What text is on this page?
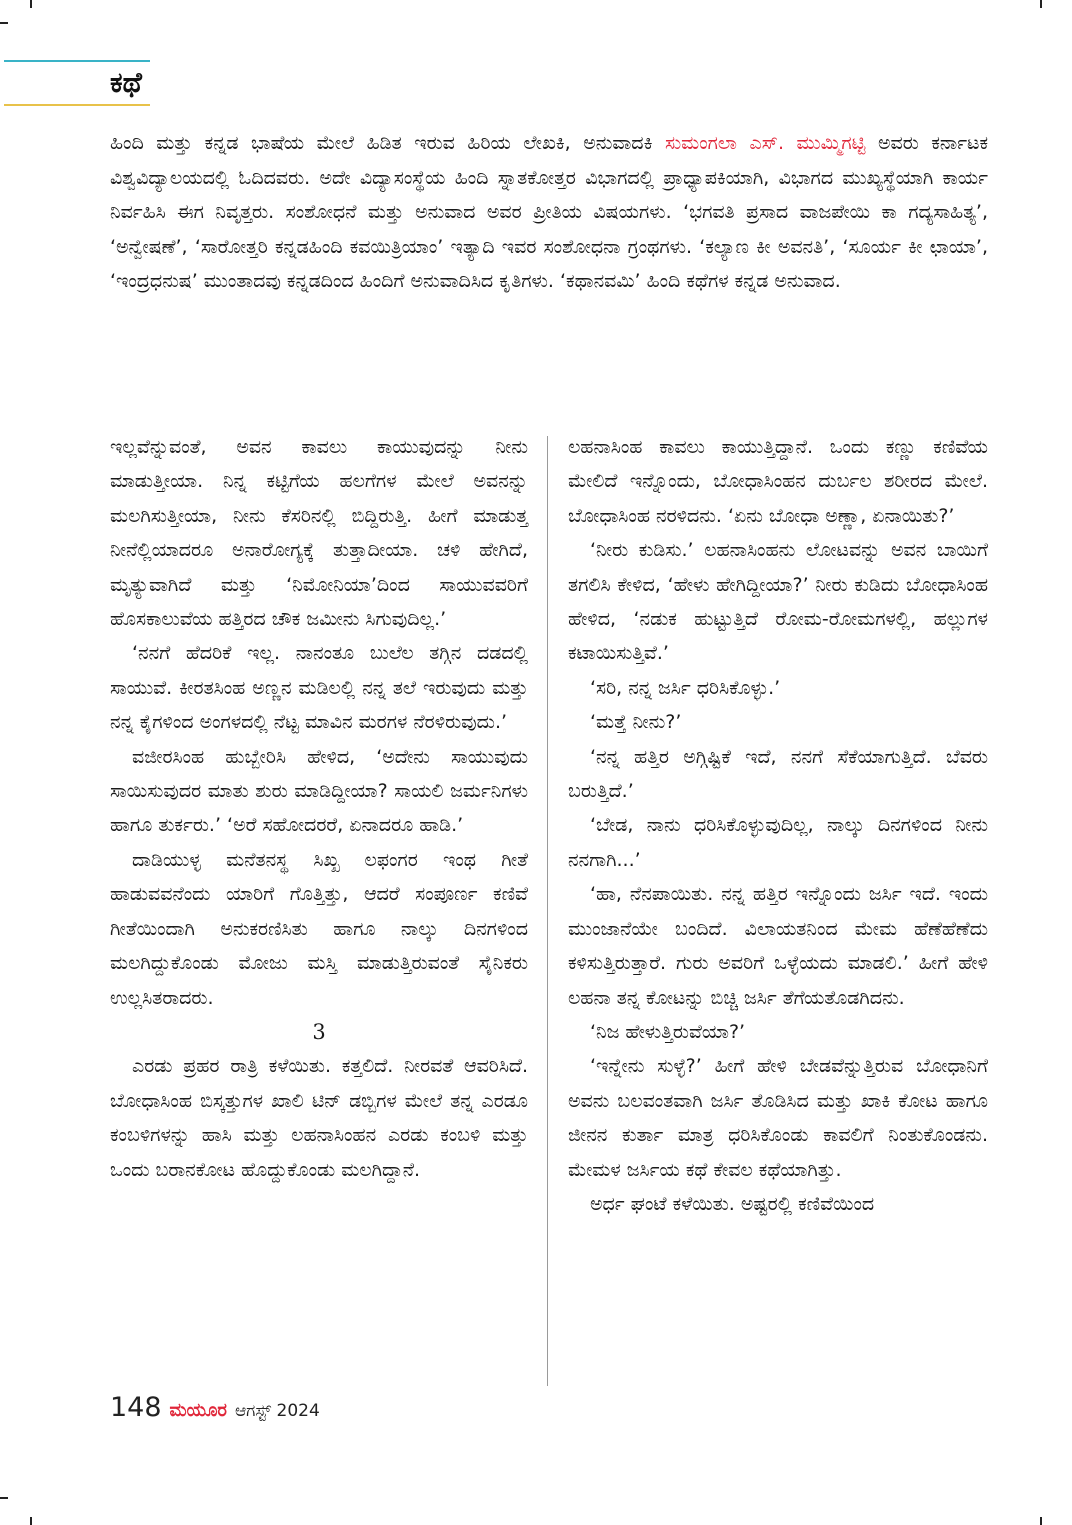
ಕಥೆ

ಹಿಂದಿ ಮತ್ತು ಕನ್ನಡ ಭಾಷೆಯ ಮೇಲೆ ಹಿಡಿತ ಇರುವ ಹಿರಿಯ ಲೇಖಕಿ, ಅನುವಾದಕಿ ಸುಮಂಗಲಾ ಎಸ್. ಮುಮ್ಮಿಗಟ್ಟಿ ಅವರು ಕರ್ನಾಟಕ ವಿಶ್ವವಿದ್ಯಾಲಯದಲ್ಲಿ ಓದಿದವರು. ಅದೇ ವಿದ್ಯಾಸಂಸ್ಥೆಯ ಹಿಂದಿ ಸ್ನಾತಕೋತ್ತರ ವಿಭಾಗದಲ್ಲಿ ಪ್ರಾಧ್ಯಾಪಕಿಯಾಗಿ, ವಿಭಾಗದ ಮುಖ್ಯಸ್ಥೆಯಾಗಿ ಕಾರ್ಯ ನಿರ್ವಹಿಸಿ ಈಗ ನಿವೃತ್ತರು. ಸಂಶೋಧನೆ ಮತ್ತು ಅನುವಾದ ಅವರ ಪ್ರೀತಿಯ ವಿಷಯಗಳು. ‘ಭಗವತಿ ಪ್ರಸಾದ ವಾಜಪೇಯಿ ಕಾ ಗದ್ಯಸಾಹಿತ್ಯ’, ‘ಅನ್ವೇಷಣೆ’, ‘ಸಾರೋತ್ತರಿ ಕನ್ನಡಹಿಂದಿ ಕವಯಿತ್ರಿಯಾಂ’ ಇತ್ಯಾದಿ ಇವರ ಸಂಶೋಧನಾ ಗ್ರಂಥಗಳು. ‘ಕಲ್ಯಾಣ ಕೀ ಅವನತಿ’, ‘ಸೂರ್ಯ ಕೀ ಛಾಯಾ’, ‘ಇಂದ್ರಧನುಷ’ ಮುಂತಾದವು ಕನ್ನಡದಿಂದ ಹಿಂದಿಗೆ ಅನುವಾದಿಸಿದ ಕೃತಿಗಳು. ‘ಕಥಾನವಮಿ’ ಹಿಂದಿ ಕಥೆಗಳ ಕನ್ನಡ ಅನುವಾದ.

ಇಲ್ಲವೆನ್ನುವಂತೆ, ಅವನ ಕಾವಲು ಕಾಯುವುದನ್ನು ನೀನು ಮಾಡುತ್ತೀಯಾ. ನಿನ್ನ ಕಟ್ಟಿಗೆಯ ಹಲಗೆಗಳ ಮೇಲೆ ಅವನನ್ನು ಮಲಗಿಸುತ್ತೀಯಾ, ನೀನು ಕೆಸರಿನಲ್ಲಿ ಬಿದ್ದಿರುತ್ತಿ. ಹೀಗೆ ಮಾಡುತ್ತ ನೀನೆಲ್ಲಿಯಾದರೂ ಅನಾರೋಗ್ಯಕ್ಕೆ ತುತ್ತಾದೀಯಾ. ಚಳಿ ಹೇಗಿದೆ, ಮೃತ್ಯುವಾಗಿದೆ ಮತ್ತು ‘ನಿಮೋನಿಯಾ’ದಿಂದ ಸಾಯುವವರಿಗೆ ಹೊಸಕಾಲುವೆಯ ಹತ್ತಿರದ ಚೌಕ ಜಮೀನು ಸಿಗುವುದಿಲ್ಲ.’

‘ನನಗೆ ಹೆದರಿಕೆ ಇಲ್ಲ. ನಾನಂತೂ ಬುಲೆಲ ತಗ್ಗಿನ ದಡದಲ್ಲಿ ಸಾಯುವೆ. ಕೀರತಸಿಂಹ ಅಣ್ಣನ ಮಡಿಲಲ್ಲಿ ನನ್ನ ತಲೆ ಇರುವುದು ಮತ್ತು ನನ್ನ ಕೈಗಳಿಂದ ಅಂಗಳದಲ್ಲಿ ನೆಟ್ಟ ಮಾವಿನ ಮರಗಳ ನೆರಳಿರುವುದು.’

ವಜೀರಸಿಂಹ ಹುಬ್ಬೇರಿಸಿ ಹೇಳಿದ, ‘ಅದೇನು ಸಾಯುವುದು ಸಾಯಿಸುವುದರ ಮಾತು ಶುರು ಮಾಡಿದ್ದೀಯಾ? ಸಾಯಲಿ ಜರ್ಮನಿಗಳು ಹಾಗೂ ತುರ್ಕರು.’ ‘ಅರೆ ಸಹೋದರರೆ, ಏನಾದರೂ ಹಾಡಿ.’

ದಾಡಿಯುಳ್ಳ ಮನೆತನಸ್ಥ ಸಿಖ್ಖ ಲಫಂಗರ ಇಂಥ ಗೀತೆ ಹಾಡುವವನೆಂದು ಯಾರಿಗೆ ಗೊತ್ತಿತ್ತು, ಆದರೆ ಸಂಪೂರ್ಣ ಕಣಿವೆ ಗೀತೆಯಿಂದಾಗಿ ಅನುಕರಣಿಸಿತು ಹಾಗೂ ನಾಲ್ಕು ದಿನಗಳಿಂದ ಮಲಗಿದ್ದುಕೊಂಡು ಮೋಜು ಮಸ್ತಿ ಮಾಡುತ್ತಿರುವಂತೆ ಸೈನಿಕರು ಉಲ್ಲಸಿತರಾದರು.

3

ಎರಡು ಪ್ರಹರ ರಾತ್ರಿ ಕಳೆಯಿತು. ಕತ್ತಲಿದೆ. ನೀರವತೆ ಆವರಿಸಿದೆ. ಬೋಧಾಸಿಂಹ ಬಿಸ್ಕತ್ತುಗಳ ಖಾಲಿ ಟಿನ್ ಡಬ್ಬಿಗಳ ಮೇಲೆ ತನ್ನ ಎರಡೂ ಕಂಬಳಿಗಳನ್ನು ಹಾಸಿ ಮತ್ತು ಲಹನಾಸಿಂಹನ ಎರಡು ಕಂಬಳಿ ಮತ್ತು ಒಂದು ಬರಾನಕೋಟ ಹೊದ್ದುಕೊಂಡು ಮಲಗಿದ್ದಾನೆ.

ಲಹನಾಸಿಂಹ ಕಾವಲು ಕಾಯುತ್ತಿದ್ದಾನೆ. ಒಂದು ಕಣ್ಣು ಕಣಿವೆಯ ಮೇಲಿದೆ ಇನ್ನೊಂದು, ಬೋಧಾಸಿಂಹನ ದುರ್ಬಲ ಶರೀರದ ಮೇಲೆ. ಬೋಧಾಸಿಂಹ ನರಳಿದನು. ‘ಏನು ಬೋಧಾ ಅಣ್ಣಾ, ಏನಾಯಿತು?’

‘ನೀರು ಕುಡಿಸು.’ ಲಹನಾಸಿಂಹನು ಲೋಟವನ್ನು ಅವನ ಬಾಯಿಗೆ ತಗಲಿಸಿ ಕೇಳಿದ, ‘ಹೇಳು ಹೇಗಿದ್ದೀಯಾ?’ ನೀರು ಕುಡಿದು ಬೋಧಾಸಿಂಹ ಹೇಳಿದ, ‘ನಡುಕ ಹುಟ್ಟುತ್ತಿದೆ ರೋಮ-ರೋಮಗಳಲ್ಲಿ, ಹಲ್ಲುಗಳ ಕಟಾಯಿಸುತ್ತಿವೆ.’

‘ಸರಿ, ನನ್ನ ಜರ್ಸಿ ಧರಿಸಿಕೊಳ್ಳು.’

‘ಮತ್ತೆ ನೀನು?’

‘ನನ್ನ ಹತ್ತಿರ ಅಗ್ಗಿಷ್ಟಿಕೆ ಇದೆ, ನನಗೆ ಸೆಕೆಯಾಗುತ್ತಿದೆ. ಬೆವರು ಬರುತ್ತಿದೆ.’

‘ಬೇಡ, ನಾನು ಧರಿಸಿಕೊಳ್ಳುವುದಿಲ್ಲ, ನಾಲ್ಕು ದಿನಗಳಿಂದ ನೀನು ನನಗಾಗಿ...’

‘ಹಾ, ನೆನಪಾಯಿತು. ನನ್ನ ಹತ್ತಿರ ಇನ್ನೊಂದು ಜರ್ಸಿ ಇದೆ. ಇಂದು ಮುಂಜಾನೆಯೇ ಬಂದಿದೆ. ವಿಲಾಯತನಿಂದ ಮೇಮ ಹೆಣೆಹೆಣೆದು ಕಳಿಸುತ್ತಿರುತ್ತಾರೆ. ಗುರು ಅವರಿಗೆ ಒಳ್ಳೆಯದು ಮಾಡಲಿ.’ ಹೀಗೆ ಹೇಳಿ ಲಹನಾ ತನ್ನ ಕೋಟನ್ನು ಬಿಚ್ಚಿ ಜರ್ಸಿ ತೆಗೆಯತೊಡಗಿದನು.

‘ನಿಜ ಹೇಳುತ್ತಿರುವೆಯಾ?’

‘ಇನ್ನೇನು ಸುಳ್ಳೆ?’ ಹೀಗೆ ಹೇಳಿ ಬೇಡವೆನ್ನುತ್ತಿರುವ ಬೋಧಾನಿಗೆ ಅವನು ಬಲವಂತವಾಗಿ ಜರ್ಸಿ ತೊಡಿಸಿದ ಮತ್ತು ಖಾಕಿ ಕೋಟ ಹಾಗೂ ಜೀನನ ಕುರ್ತಾ ಮಾತ್ರ ಧರಿಸಿಕೊಂಡು ಕಾವಲಿಗೆ ನಿಂತುಕೊಂಡನು. ಮೇಮಳ ಜರ್ಸಿಯ ಕಥೆ ಕೇವಲ ಕಥೆಯಾಗಿತ್ತು.

ಅರ್ಧ ಘಂಟೆ ಕಳೆಯಿತು. ಅಷ್ಟರಲ್ಲಿ ಕಣಿವೆಯಿಂದ

148 ಮಯೂರ ಆಗಸ್ಟ್ 2024
